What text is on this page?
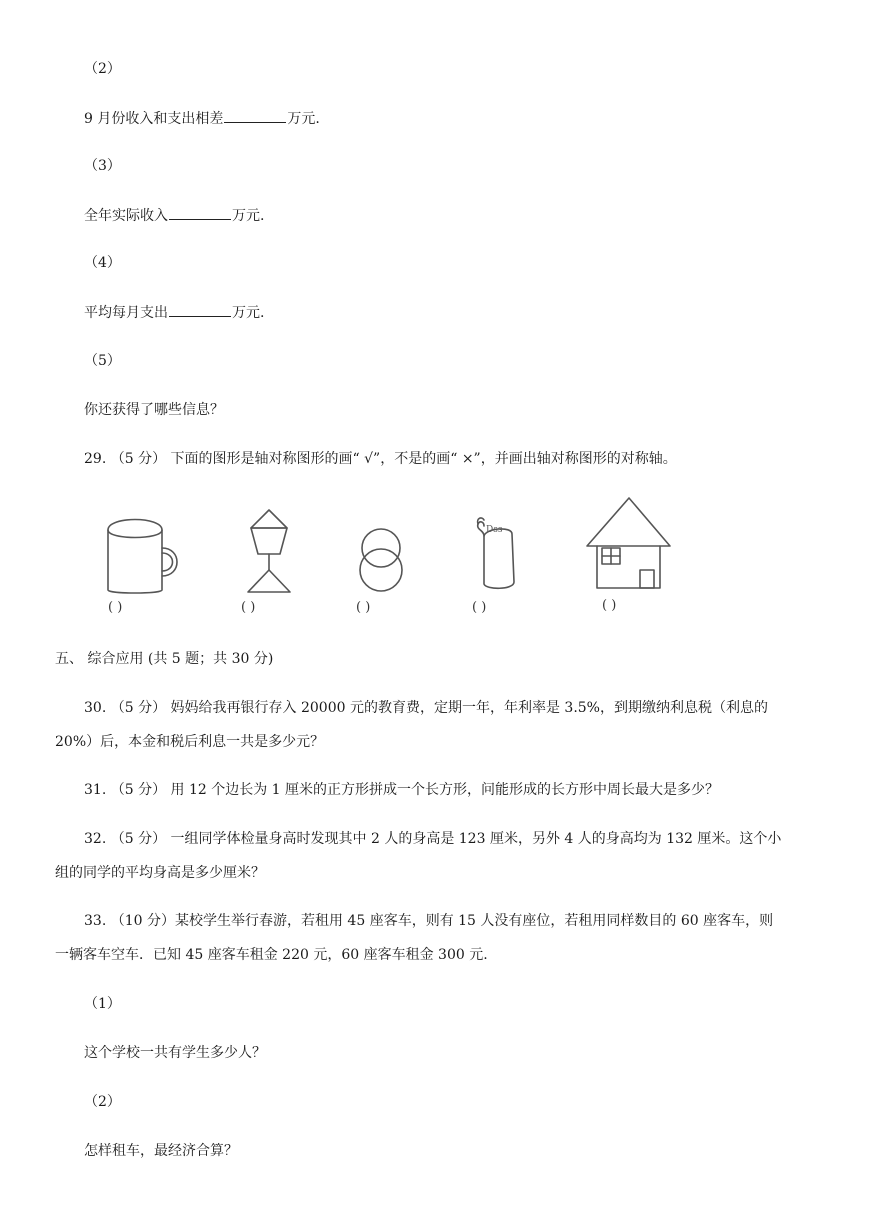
（2）
9 月份收入和支出相差	万元.
（3）
全年实际收入	万元.
（4）
平均每月支出	万元.
（5）
你还获得了哪些信息？
29. （5 分） 下面的图形是轴对称图形的画“ √”，不是的画“ ×”，并画出轴对称图形的对称轴。
Dss
( )	( )	( )	( )	( )
五、 综合应用 (共 5 题；共 30 分)
30. （5 分） 妈妈给我再银行存入 20000 元的教育费，定期一年，年利率是 3.5%，到期缴纳利息税（利息的
20%）后，本金和税后利息一共是多少元？
31. （5 分） 用 12 个边长为 1 厘米的正方形拼成一个长方形，问能形成的长方形中周长最大是多少？
32. （5 分） 一组同学体检量身高时发现其中 2 人的身高是 123 厘米，另外 4 人的身高均为 132 厘米。这个小
组的同学的平均身高是多少厘米？
33. （10 分）某校学生举行春游，若租用 45 座客车，则有 15 人没有座位，若租用同样数目的 60 座客车，则
一辆客车空车．已知 45 座客车租金 220 元，60 座客车租金 300 元.
（1）
这个学校一共有学生多少人？
（2）
怎样租车，最经济合算？
